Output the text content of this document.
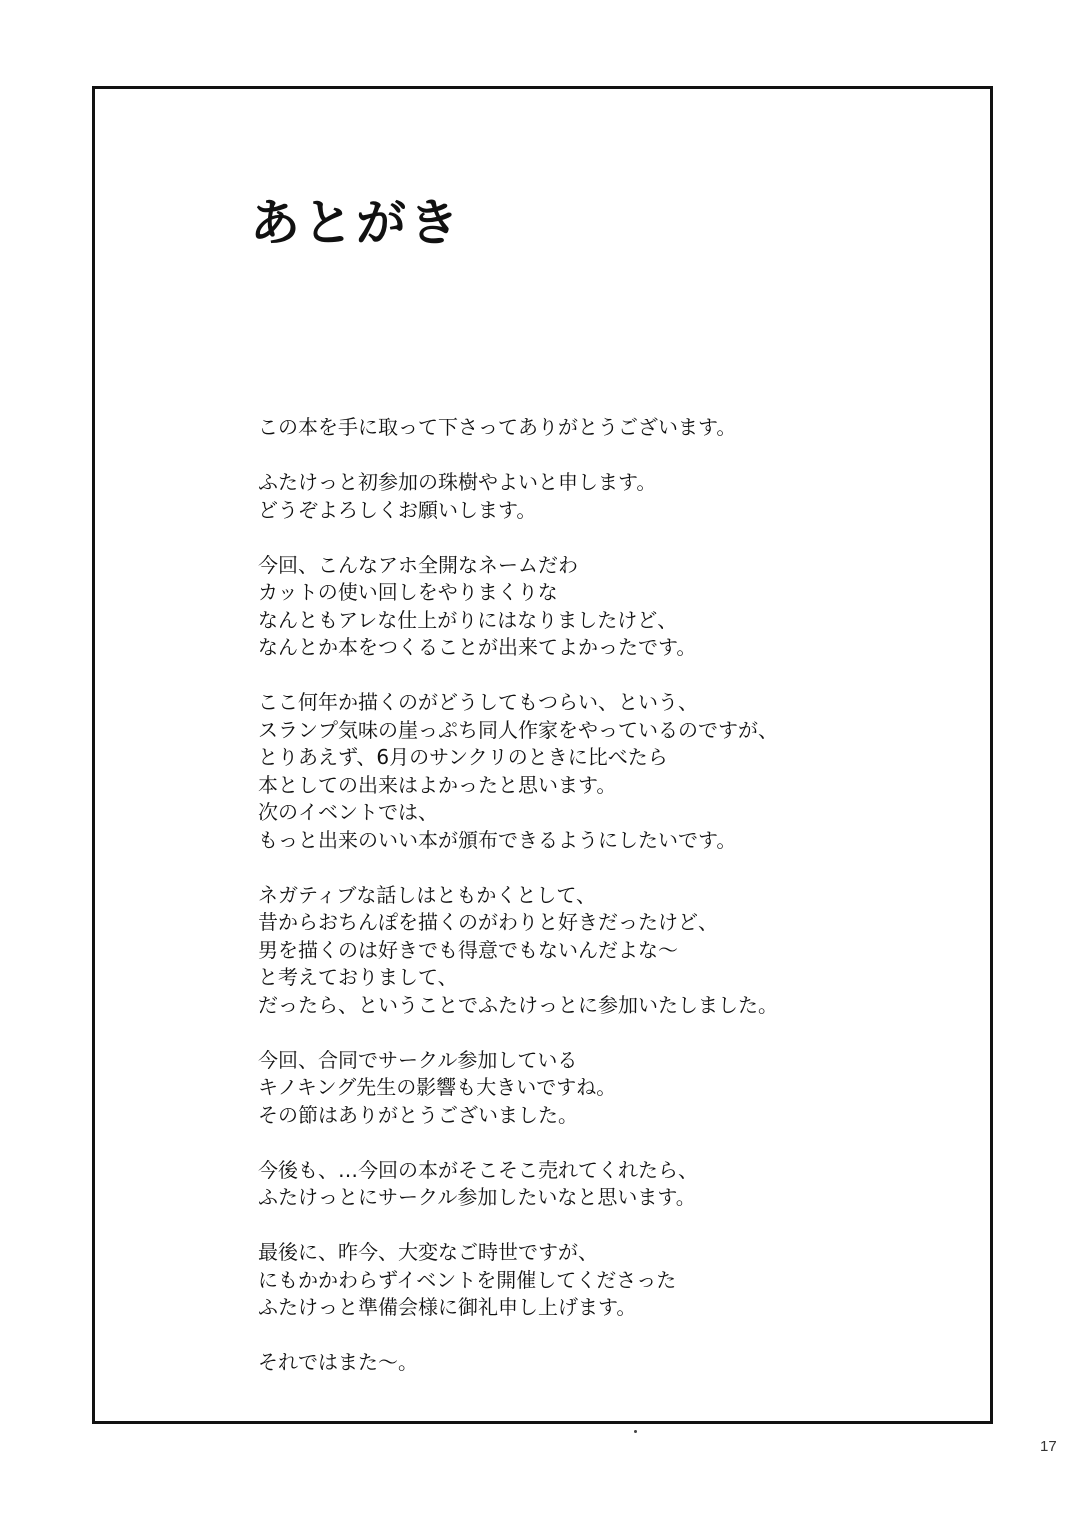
あとがき
この本を手に取って下さってありがとうございます。
ふたけっと初参加の珠樹やよいと申します。
どうぞよろしくお願いします。
今回、こんなアホ全開なネームだわ
カットの使い回しをやりまくりな
なんともアレな仕上がりにはなりましたけど、
なんとか本をつくることが出来てよかったです。
ここ何年か描くのがどうしてもつらい、という、
スランプ気味の崖っぷち同人作家をやっているのですが、
とりあえず、6月のサンクリのときに比べたら
本としての出来はよかったと思います。
次のイベントでは、
もっと出来のいい本が頒布できるようにしたいです。
ネガティブな話しはともかくとして、
昔からおちんぽを描くのがわりと好きだったけど、
男を描くのは好きでも得意でもないんだよな～
と考えておりまして、
だったら、ということでふたけっとに参加いたしました。
今回、合同でサークル参加している
キノキング先生の影響も大きいですね。
その節はありがとうございました。
今後も、…今回の本がそこそこ売れてくれたら、
ふたけっとにサークル参加したいなと思います。
最後に、昨今、大変なご時世ですが、
にもかかわらずイベントを開催してくださった
ふたけっと準備会様に御礼申し上げます。
それではまた～。
17
